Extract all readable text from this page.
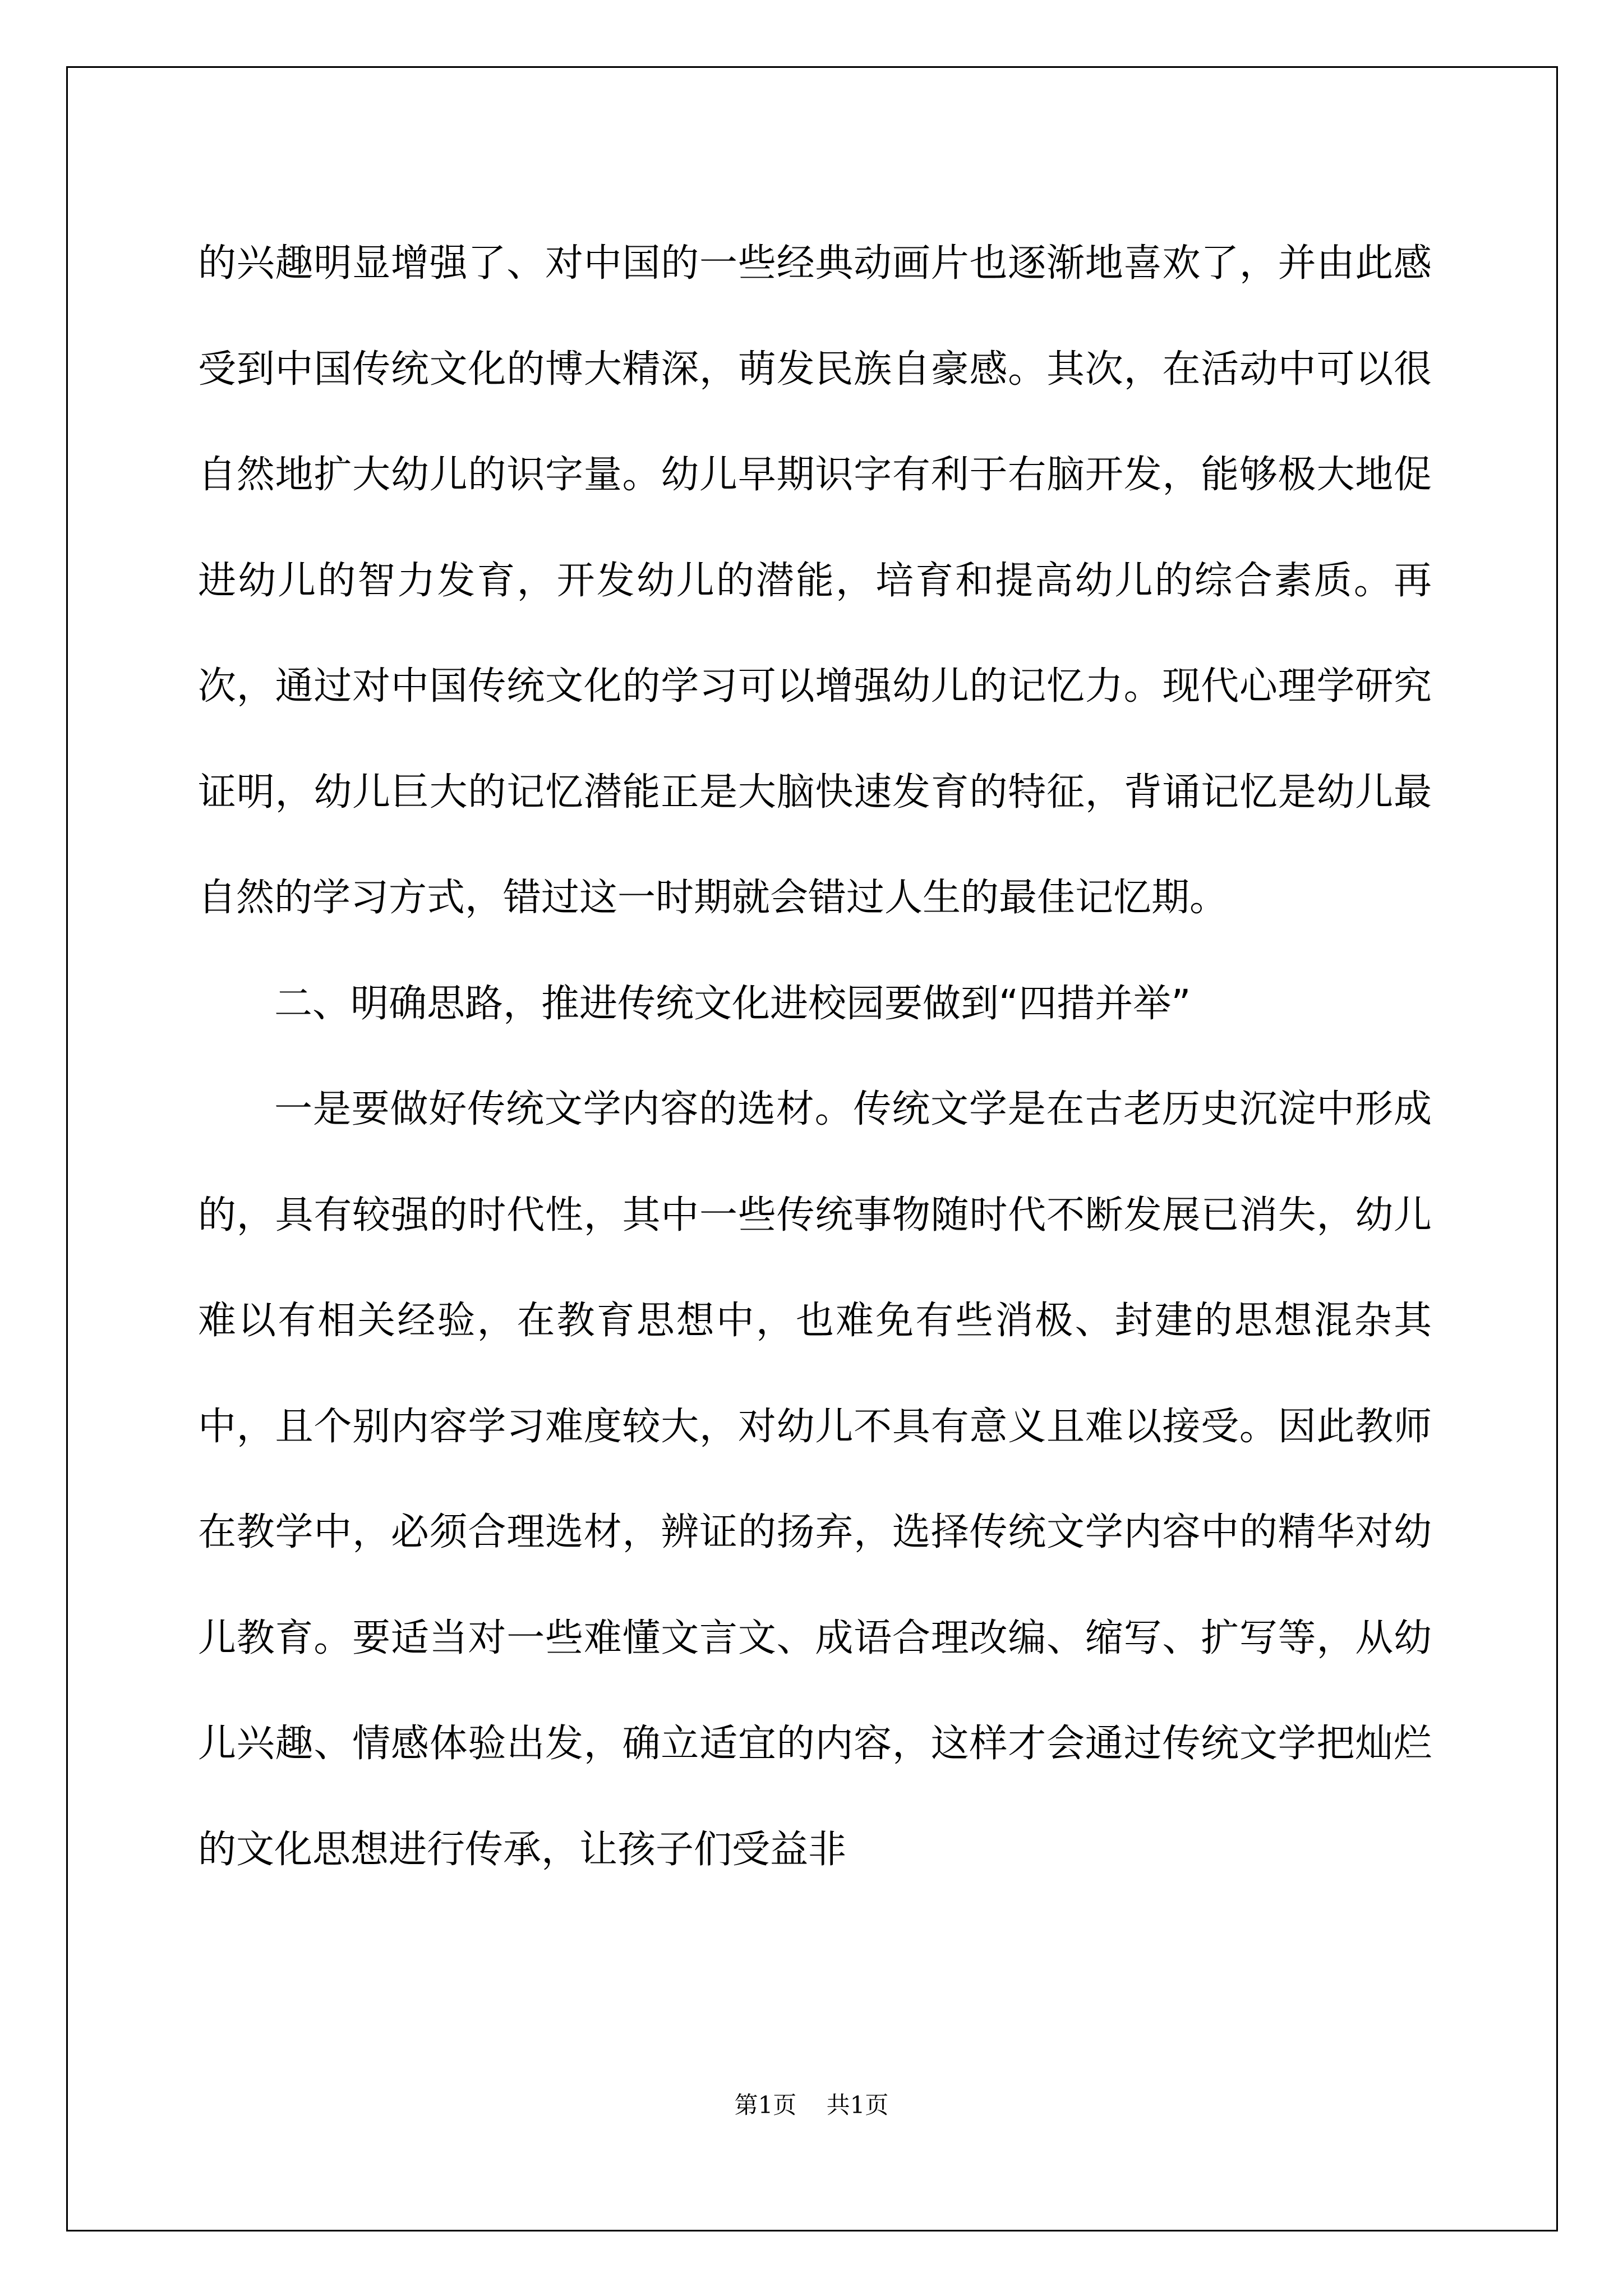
的兴趣明显增强了、对中国的一些经典动画片也逐渐地喜欢了，并由此感受到中国传统文化的博大精深，萌发民族自豪感。其次，在活动中可以很自然地扩大幼儿的识字量。幼儿早期识字有利于右脑开发，能够极大地促进幼儿的智力发育，开发幼儿的潜能，培育和提高幼儿的综合素质。再次，通过对中国传统文化的学习可以增强幼儿的记忆力。现代心理学研究证明，幼儿巨大的记忆潜能正是大脑快速发育的特征，背诵记忆是幼儿最自然的学习方式，错过这一时期就会错过人生的最佳记忆期。

二、明确思路，推进传统文化进校园要做到“四措并举”

一是要做好传统文学内容的选材。传统文学是在古老历史沉淀中形成的，具有较强的时代性，其中一些传统事物随时代不断发展已消失，幼儿难以有相关经验，在教育思想中，也难免有些消极、封建的思想混杂其中，且个别内容学习难度较大，对幼儿不具有意义且难以接受。因此教师在教学中，必须合理选材，辨证的扬弃，选择传统文学内容中的精华对幼儿教育。要适当对一些难懂文言文、成语合理改编、缩写、扩写等，从幼儿兴趣、情感体验出发，确立适宜的内容，这样才会通过传统文学把灿烂的文化思想进行传承，让孩子们受益非

第1页 共1页
